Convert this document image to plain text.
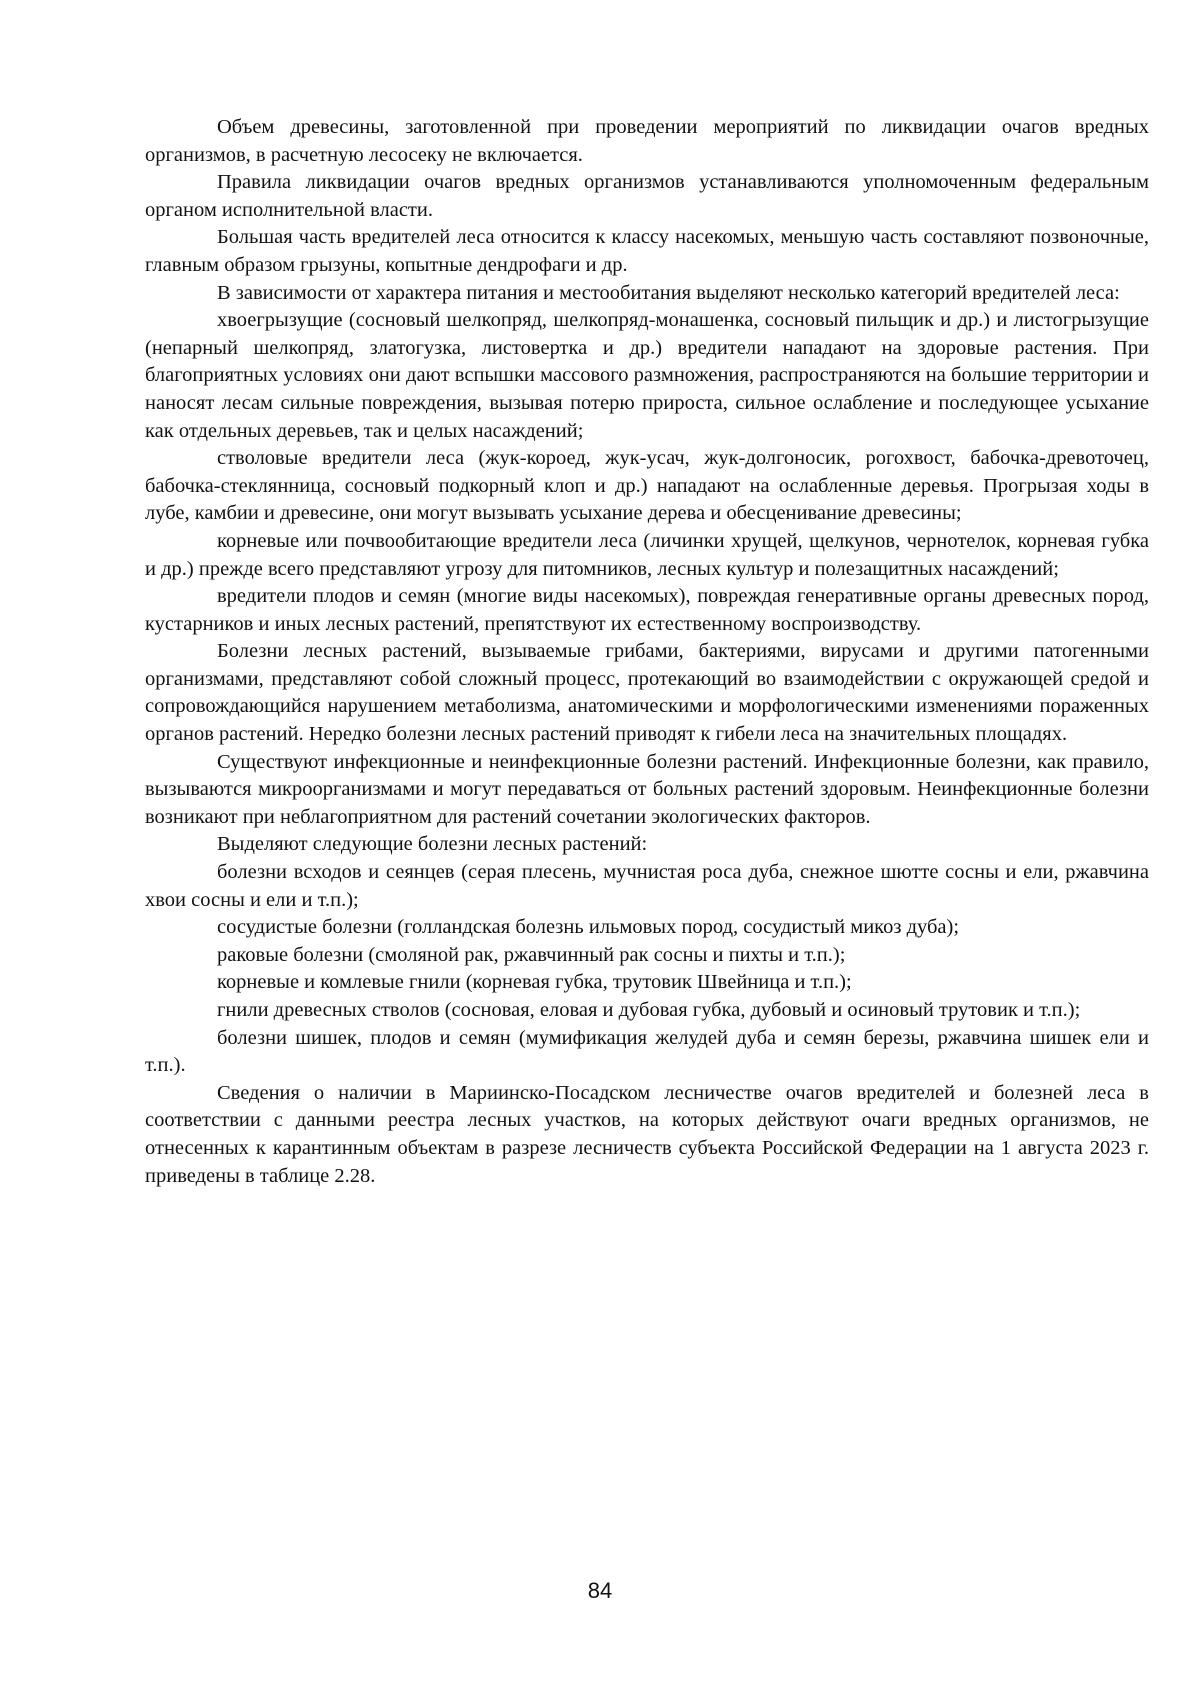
Объем древесины, заготовленной при проведении мероприятий по ликвидации очагов вредных организмов, в расчетную лесосеку не включается.

Правила ликвидации очагов вредных организмов устанавливаются уполномоченным федеральным органом исполнительной власти.

Большая часть вредителей леса относится к классу насекомых, меньшую часть составляют позвоночные, главным образом грызуны, копытные дендрофаги и др.

В зависимости от характера питания и местообитания выделяют несколько категорий вредителей леса:

хвоегрызущие (сосновый шелкопряд, шелкопряд-монашенка, сосновый пильщик и др.) и листогрызущие (непарный шелкопряд, златогузка, листовертка и др.) вредители нападают на здоровые растения. При благоприятных условиях они дают вспышки массового размножения, распространяются на большие территории и наносят лесам сильные повреждения, вызывая потерю прироста, сильное ослабление и последующее усыхание как отдельных деревьев, так и целых насаждений;

стволовые вредители леса (жук-короед, жук-усач, жук-долгоносик, рогохвост, бабочка-древоточец, бабочка-стеклянница, сосновый подкорный клоп и др.) нападают на ослабленные деревья. Прогрызая ходы в лубе, камбии и древесине, они могут вызывать усыхание дерева и обесценивание древесины;

корневые или почвообитающие вредители леса (личинки хрущей, щелкунов, чернотелок, корневая губка и др.) прежде всего представляют угрозу для питомников, лесных культур и полезащитных насаждений;

вредители плодов и семян (многие виды насекомых), повреждая генеративные органы древесных пород, кустарников и иных лесных растений, препятствуют их естественному воспроизводству.

Болезни лесных растений, вызываемые грибами, бактериями, вирусами и другими патогенными организмами, представляют собой сложный процесс, протекающий во взаимодействии с окружающей средой и сопровождающийся нарушением метаболизма, анатомическими и морфологическими изменениями пораженных органов растений. Нередко болезни лесных растений приводят к гибели леса на значительных площадях.

Существуют инфекционные и неинфекционные болезни растений. Инфекционные болезни, как правило, вызываются микроорганизмами и могут передаваться от больных растений здоровым. Неинфекционные болезни возникают при неблагоприятном для растений сочетании экологических факторов.

Выделяют следующие болезни лесных растений:

болезни всходов и сеянцев (серая плесень, мучнистая роса дуба, снежное шютте сосны и ели, ржавчина хвои сосны и ели и т.п.);

сосудистые болезни (голландская болезнь ильмовых пород, сосудистый микоз дуба);

раковые болезни (смоляной рак, ржавчинный рак сосны и пихты и т.п.);

корневые и комлевые гнили (корневая губка, трутовик Швейница и т.п.);

гнили древесных стволов (сосновая, еловая и дубовая губка, дубовый и осиновый трутовик и т.п.);

болезни шишек, плодов и семян (мумификация желудей дуба и семян березы, ржавчина шишек ели и т.п.).

Сведения о наличии в Мариинско-Посадском лесничестве очагов вредителей и болезней леса в соответствии с данными реестра лесных участков, на которых действуют очаги вредных организмов, не отнесенных к карантинным объектам в разрезе лесничеств субъекта Российской Федерации на 1 августа 2023 г. приведены в таблице 2.28.

84
